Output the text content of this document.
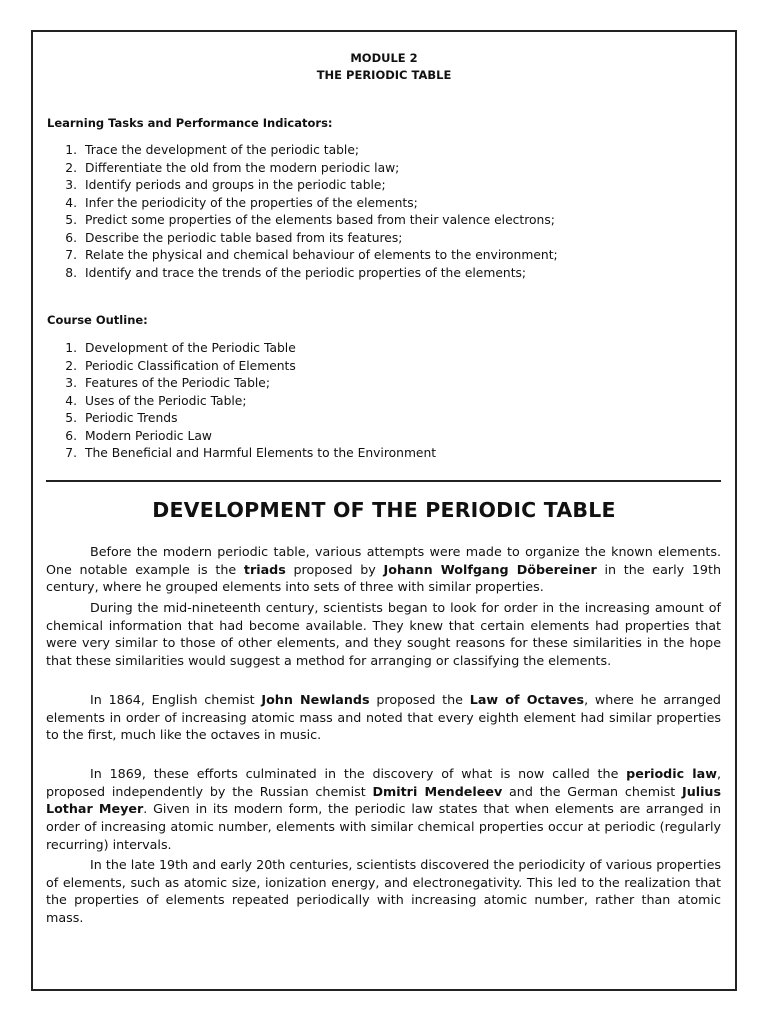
MODULE 2
THE PERIODIC TABLE
Learning Tasks and Performance Indicators:
1. Trace the development of the periodic table;
2. Differentiate the old from the modern periodic law;
3. Identify periods and groups in the periodic table;
4. Infer the periodicity of the properties of the elements;
5. Predict some properties of the elements based from their valence electrons;
6. Describe the periodic table based from its features;
7. Relate the physical and chemical behaviour of elements to the environment;
8. Identify and trace the trends of the periodic properties of the elements;
Course Outline:
1. Development of the Periodic Table
2. Periodic Classification of Elements
3. Features of the Periodic Table;
4. Uses of the Periodic Table;
5. Periodic Trends
6. Modern Periodic Law
7. The Beneficial and Harmful Elements to the Environment
DEVELOPMENT OF THE PERIODIC TABLE

Before the modern periodic table, various attempts were made to organize the known elements. One notable example is the triads proposed by Johann Wolfgang Döbereiner in the early 19th century, where he grouped elements into sets of three with similar properties.

During the mid-nineteenth century, scientists began to look for order in the increasing amount of chemical information that had become available. They knew that certain elements had properties that were very similar to those of other elements, and they sought reasons for these similarities in the hope that these similarities would suggest a method for arranging or classifying the elements.

In 1864, English chemist John Newlands proposed the Law of Octaves, where he arranged elements in order of increasing atomic mass and noted that every eighth element had similar properties to the first, much like the octaves in music.

In 1869, these efforts culminated in the discovery of what is now called the periodic law, proposed independently by the Russian chemist Dmitri Mendeleev and the German chemist Julius Lothar Meyer. Given in its modern form, the periodic law states that when elements are arranged in order of increasing atomic number, elements with similar chemical properties occur at periodic (regularly recurring) intervals.

In the late 19th and early 20th centuries, scientists discovered the periodicity of various properties of elements, such as atomic size, ionization energy, and electronegativity. This led to the realization that the properties of elements repeated periodically with increasing atomic number, rather than atomic mass.
